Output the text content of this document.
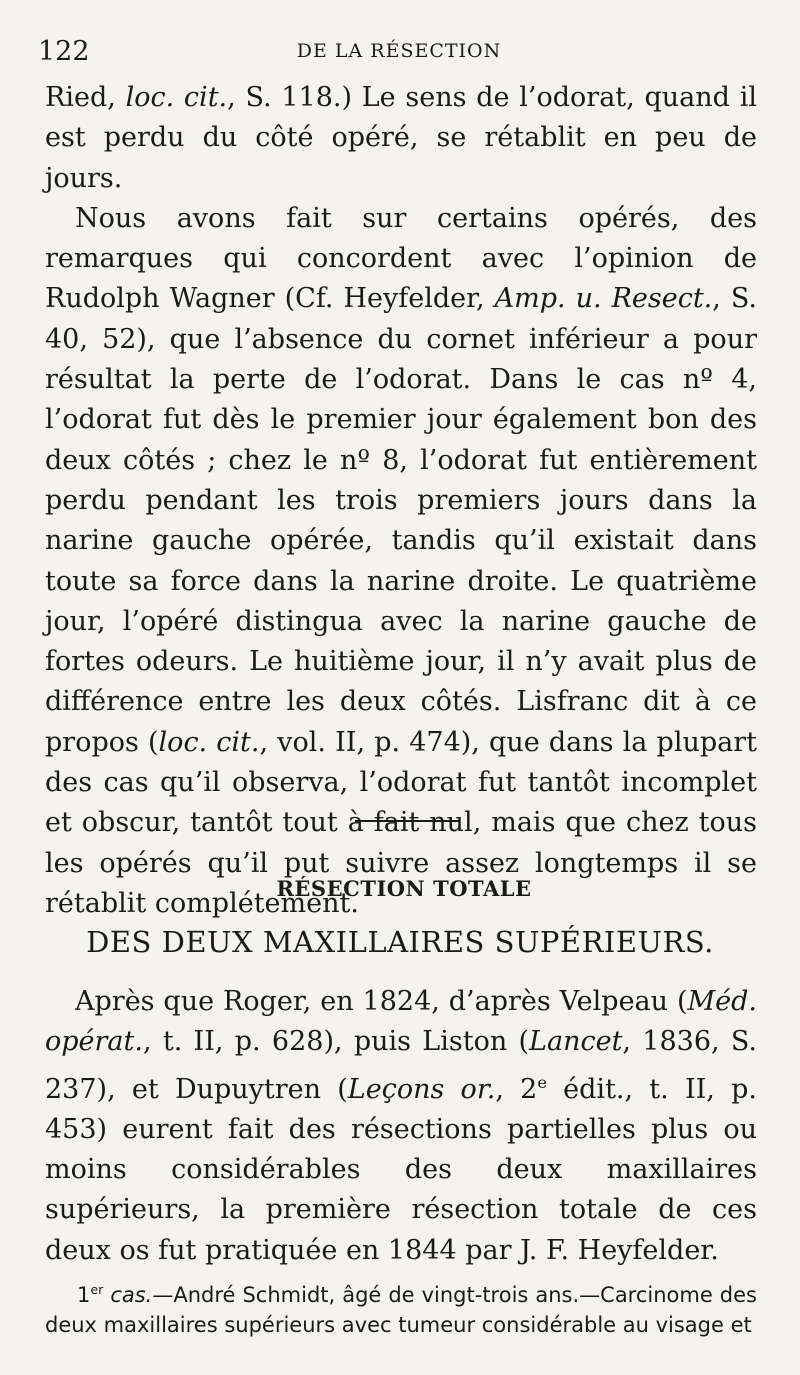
122	DE LA RÉSECTION

Ried, loc. cit., S. 118.) Le sens de l’odorat, quand il est perdu du côté opéré, se rétablit en peu de jours.

Nous avons fait sur certains opérés, des remarques qui concordent avec l’opinion de Rudolph Wagner (Cf. Heyfelder, Amp. u. Resect., S. 40, 52), que l’absence du cornet inférieur a pour résultat la perte de l’odorat. Dans le cas nº 4, l’odorat fut dès le premier jour également bon des deux côtés ; chez le nº 8, l’odorat fut entièrement perdu pendant les trois premiers jours dans la narine gauche opérée, tandis qu’il existait dans toute sa force dans la narine droite. Le quatrième jour, l’opéré distingua avec la narine gauche de fortes odeurs. Le huitième jour, il n’y avait plus de différence entre les deux côtés. Lisfranc dit à ce propos (loc. cit., vol. II, p. 474), que dans la plupart des cas qu’il observa, l’odorat fut tantôt incomplet et obscur, tantôt tout à fait nul, mais que chez tous les opérés qu’il put suivre assez longtemps il se rétablit complétement.

RÉSECTION TOTALE
DES DEUX MAXILLAIRES SUPÉRIEURS.

Après que Roger, en 1824, d’après Velpeau (Méd. opérat., t. II, p. 628), puis Liston (Lancet, 1836, S. 237), et Dupuytren (Leçons or., 2e édit., t. II, p. 453) eurent fait des résections partielles plus ou moins considérables des deux maxillaires supérieurs, la première résection totale de ces deux os fut pratiquée en 1844 par J. F. Heyfelder.

1er cas.—André Schmidt, âgé de vingt-trois ans.—Carcinome des deux maxillaires supérieurs avec tumeur considérable au visage et
